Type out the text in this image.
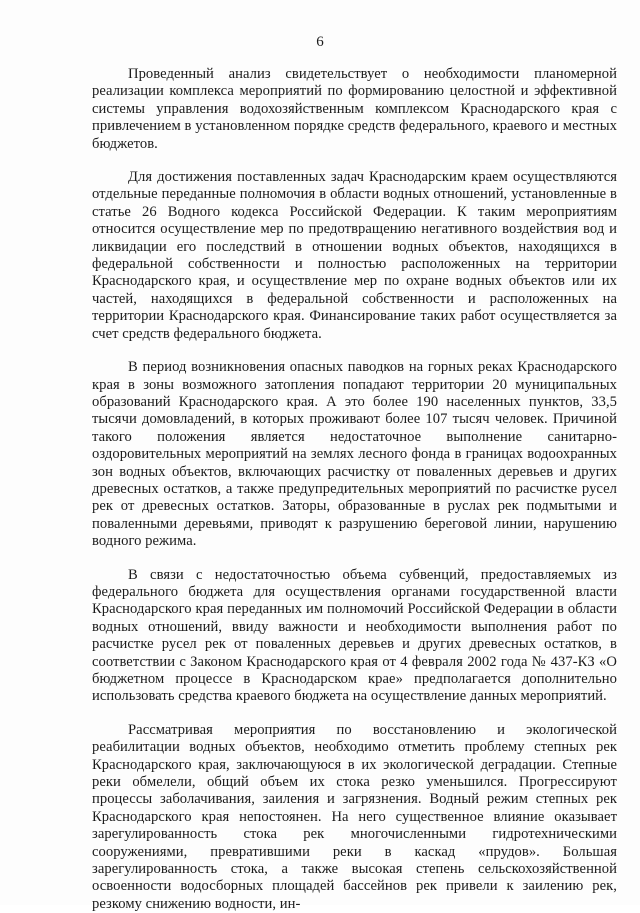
6

Проведенный анализ свидетельствует о необходимости планомерной реализации комплекса мероприятий по формированию целостной и эффективной системы управления водохозяйственным комплексом Краснодарского края с привлечением в установленном порядке средств федерального, краевого и местных бюджетов.

Для достижения поставленных задач Краснодарским краем осуществляются отдельные переданные полномочия в области водных отношений, установленные в статье 26 Водного кодекса Российской Федерации. К таким мероприятиям относится осуществление мер по предотвращению негативного воздействия вод и ликвидации его последствий в отношении водных объектов, находящихся в федеральной собственности и полностью расположенных на территории Краснодарского края, и осуществление мер по охране водных объектов или их частей, находящихся в федеральной собственности и расположенных на территории Краснодарского края. Финансирование таких работ осуществляется за счет средств федерального бюджета.

В период возникновения опасных паводков на горных реках Краснодарского края в зоны возможного затопления попадают территории 20 муниципальных образований Краснодарского края. А это более 190 населенных пунктов, 33,5 тысячи домовладений, в которых проживают более 107 тысяч человек. Причиной такого положения является недостаточное выполнение санитарно-оздоровительных мероприятий на землях лесного фонда в границах водоохранных зон водных объектов, включающих расчистку от поваленных деревьев и других древесных остатков, а также предупредительных мероприятий по расчистке русел рек от древесных остатков. Заторы, образованные в руслах рек подмытыми и поваленными деревьями, приводят к разрушению береговой линии, нарушению водного режима.

В связи с недостаточностью объема субвенций, предоставляемых из федерального бюджета для осуществления органами государственной власти Краснодарского края переданных им полномочий Российской Федерации в области водных отношений, ввиду важности и необходимости выполнения работ по расчистке русел рек от поваленных деревьев и других древесных остатков, в соответствии с Законом Краснодарского края от 4 февраля 2002 года № 437-КЗ «О бюджетном процессе в Краснодарском крае» предполагается дополнительно использовать средства краевого бюджета на осуществление данных мероприятий.

Рассматривая мероприятия по восстановлению и экологической реабилитации водных объектов, необходимо отметить проблему степных рек Краснодарского края, заключающуюся в их экологической деградации. Степные реки обмелели, общий объем их стока резко уменьшился. Прогрессируют процессы заболачивания, заиления и загрязнения. Водный режим степных рек Краснодарского края непостоянен. На него существенное влияние оказывает зарегулированность стока рек многочисленными гидротехническими сооружениями, превратившими реки в каскад «прудов». Большая зарегулированность стока, а также высокая степень сельскохозяйственной освоенности водосборных площадей бассейнов рек привели к заилению рек, резкому снижению водности, ин-
